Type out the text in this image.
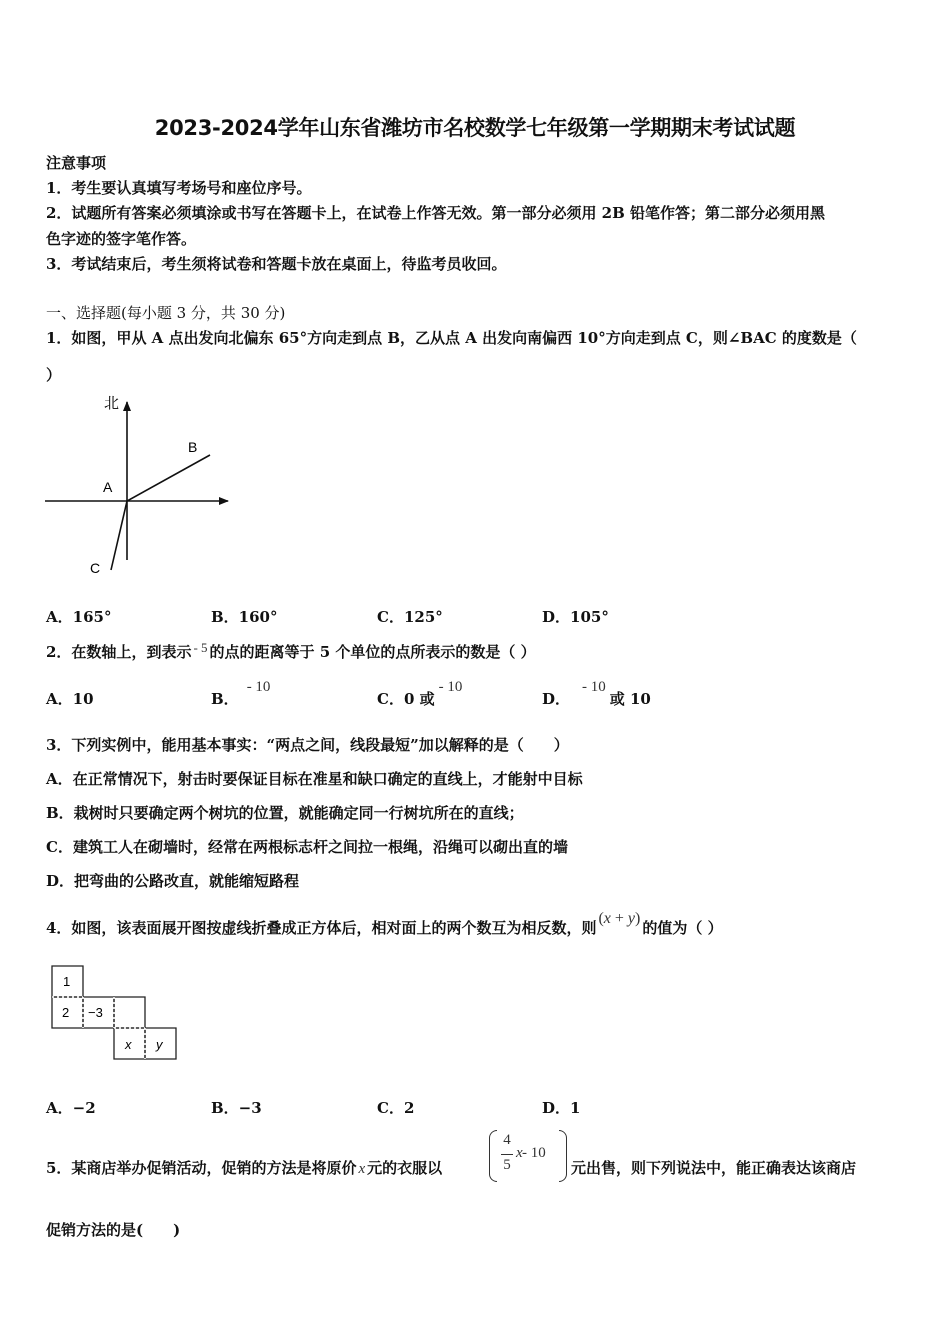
2023-2024学年山东省潍坊市名校数学七年级第一学期期末考试试题
注意事项
1．考生要认真填写考场号和座位序号。
2．试题所有答案必须填涂或书写在答题卡上，在试卷上作答无效。第一部分必须用 2B 铅笔作答；第二部分必须用黑
色字迹的签字笔作答。
3．考试结束后，考生须将试卷和答题卡放在桌面上，待监考员收回。
一、选择题(每小题 3 分，共 30 分)
1．如图，甲从 A 点出发向北偏东 65°方向走到点 B，乙从点 A 出发向南偏西 10°方向走到点 C，则∠BAC 的度数是（
）
北
A
B
C
A．165°	B．160°	C．125°	D．105°
2．在数轴上，到表示 - 5 的点的距离等于 5 个单位的点所表示的数是（ ）
A．10	B．- 10
C．0 或- 10
D．- 10或 10
3．下列实例中，能用基本事实：“两点之间，线段最短”加以解释的是（　　）
A．在正常情况下，射击时要保证目标在准星和缺口确定的直线上，才能射中目标
B．栽树时只要确定两个树坑的位置，就能确定同一行树坑所在的直线；
C．建筑工人在砌墙时，经常在两根标志杆之间拉一根绳，沿绳可以砌出直的墙
D．把弯曲的公路改直，就能缩短路程
4．如图，该表面展开图按虚线折叠成正方体后，相对面上的两个数互为相反数，则(x + y)的值为（ ）
1
2 −3
x y
A．−2	B．−3	C．2	D．1
5．某商店举办促销活动，促销的方法是将原价 x 元的衣服以
4
5
x - 10
元出售，则下列说法中，能正确表达该商店
促销方法的是(　　)
